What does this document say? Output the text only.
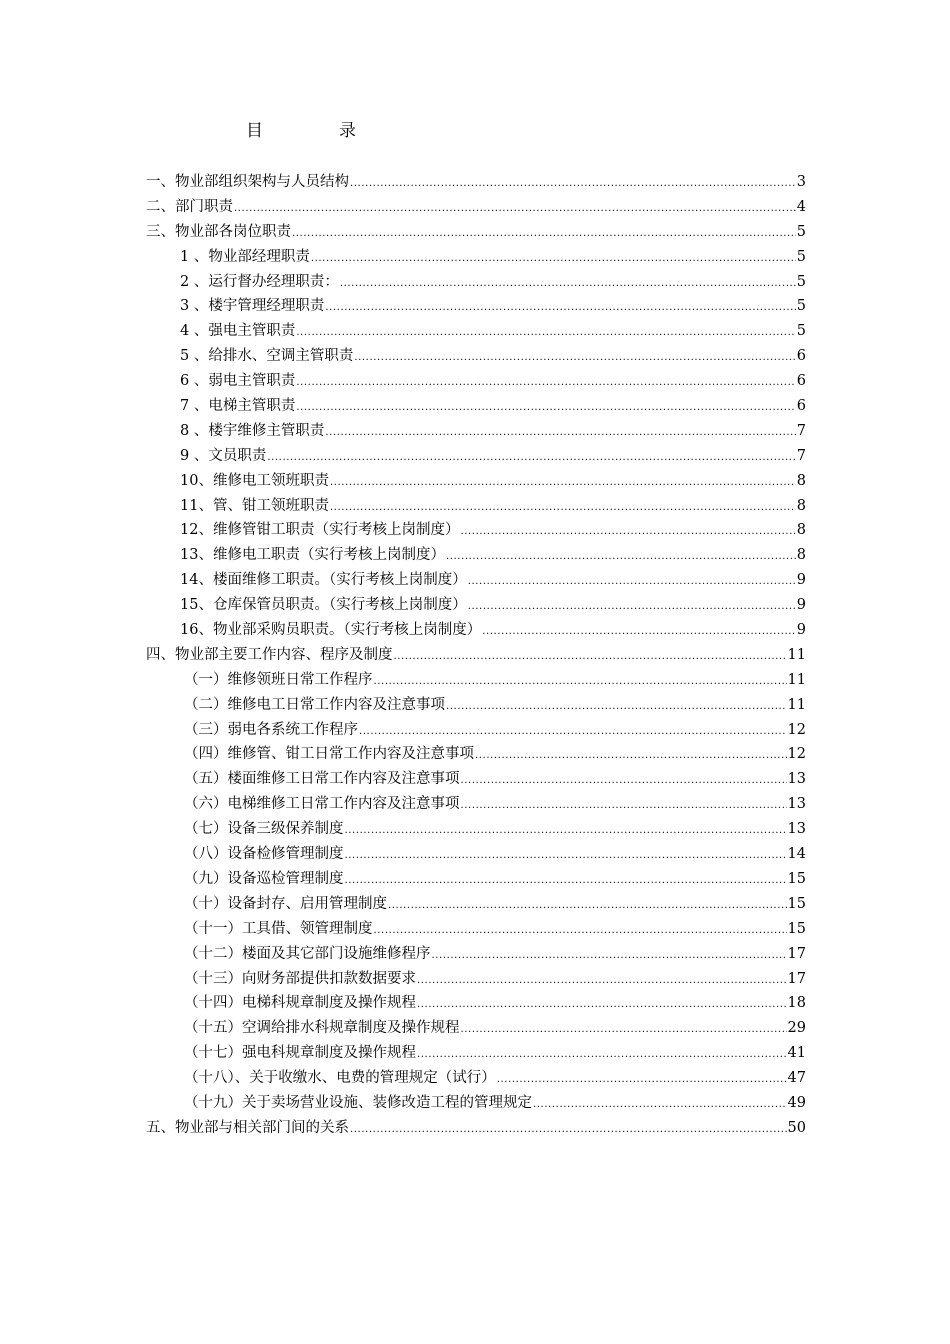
目	录
一、物业部组织架构与人员结构 .....	3
二、部门职责 .....	4
三、物业部各岗位职责 .....	5
1 、物业部经理职责 .....	5
2 、运行督办经理职责： .....	5
3 、楼宇管理经理职责 .....	5
4 、强电主管职责 .....	5
5 、给排水、空调主管职责 .....	6
6 、弱电主管职责 .....	6
7 、电梯主管职责 .....	6
8 、楼宇维修主管职责 .....	7
9 、文员职责 .....	7
10、维修电工领班职责 .....	8
11、管、钳工领班职责 .....	8
12、维修管钳工职责（实行考核上岗制度） .....	8
13、维修电工职责（实行考核上岗制度） .....	8
14、楼面维修工职责。（实行考核上岗制度） .....	9
15、仓库保管员职责。（实行考核上岗制度） .....	9
16、物业部采购员职责。（实行考核上岗制度） .....	9
四、物业部主要工作内容、程序及制度 .....	11
（一）维修领班日常工作程序 .....	11
（二）维修电工日常工作内容及注意事项 .....	11
（三）弱电各系统工作程序 .....	12
（四）维修管、钳工日常工作内容及注意事项 .....	12
（五）楼面维修工日常工作内容及注意事项 .....	13
（六）电梯维修工日常工作内容及注意事项 .....	13
（七）设备三级保养制度 .....	13
（八）设备检修管理制度 .....	14
（九）设备巡检管理制度 .....	15
（十）设备封存、启用管理制度 .....	15
（十一）工具借、领管理制度 .....	15
（十二）楼面及其它部门设施维修程序 .....	17
（十三）向财务部提供扣款数据要求 .....	17
（十四）电梯科规章制度及操作规程 .....	18
（十五）空调给排水科规章制度及操作规程 .....	29
（十七）强电科规章制度及操作规程 .....	41
（十八）、关于收缴水、电费的管理规定（试行） .....	47
（十九）关于卖场营业设施、装修改造工程的管理规定 .....	49
五、物业部与相关部门间的关系 .....	50
